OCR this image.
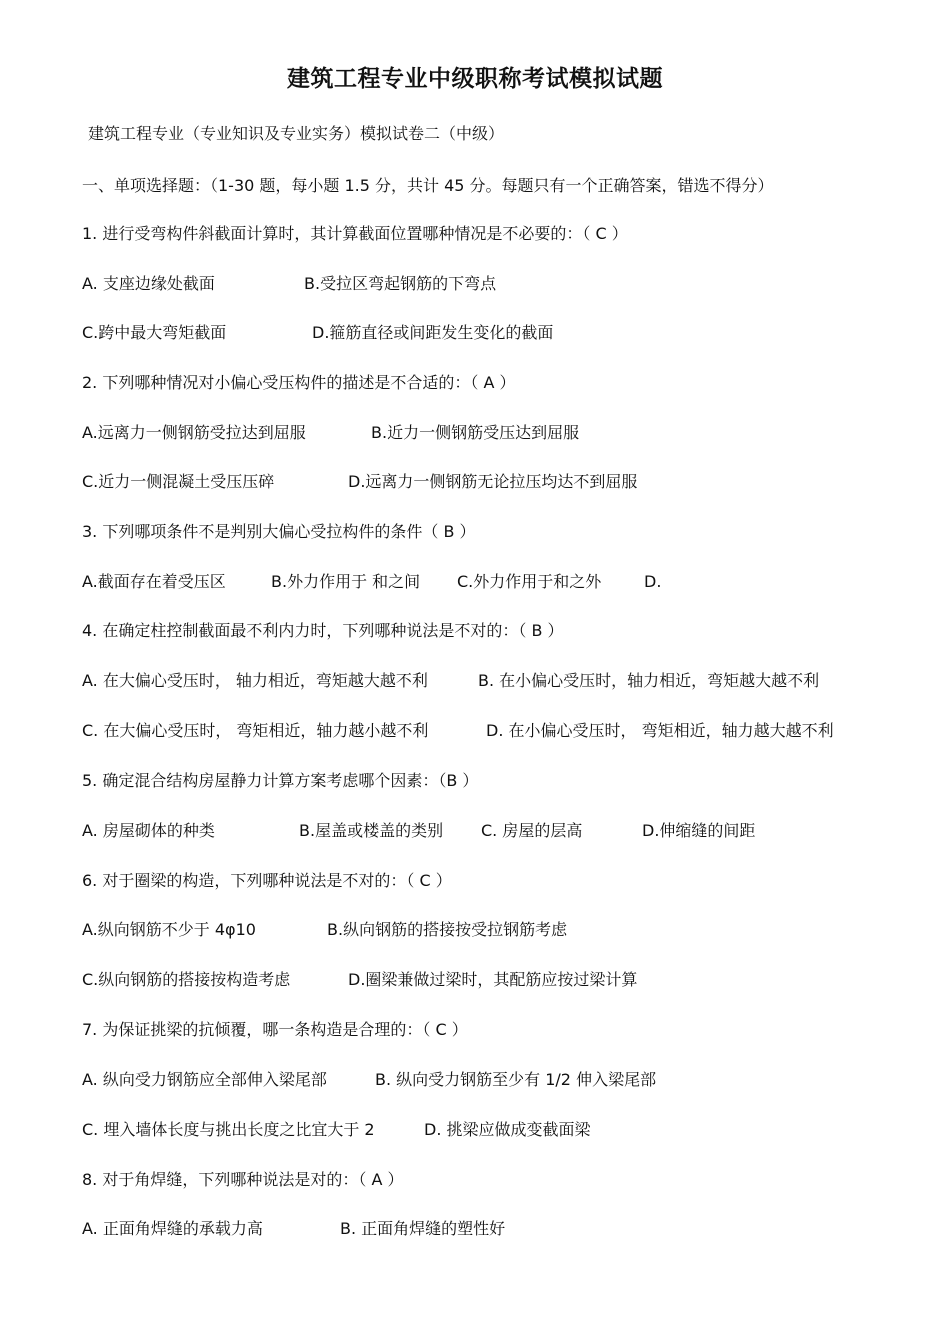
建筑工程专业中级职称考试模拟试题
建筑工程专业（专业知识及专业实务）模拟试卷二（中级）
一、单项选择题：（1-30 题，每小题 1.5 分，共计 45 分。每题只有一个正确答案，错选不得分）
1. 进行受弯构件斜截面计算时，其计算截面位置哪种情况是不必要的：（ C ）
A. 支座边缘处截面	B.受拉区弯起钢筋的下弯点
C.跨中最大弯矩截面	D.箍筋直径或间距发生变化的截面
2. 下列哪种情况对小偏心受压构件的描述是不合适的：（ A ）
A.远离力一侧钢筋受拉达到屈服	B.近力一侧钢筋受压达到屈服
C.近力一侧混凝土受压压碎	D.远离力一侧钢筋无论拉压均达不到屈服
3. 下列哪项条件不是判别大偏心受拉构件的条件（ B ）
A.截面存在着受压区	B.外力作用于 和之间 C.外力作用于和之外	D.
4. 在确定柱控制截面最不利内力时，下列哪种说法是不对的：（ B ）
A. 在大偏心受压时， 轴力相近，弯矩越大越不利	B. 在小偏心受压时，轴力相近，弯矩越大越不利
C. 在大偏心受压时， 弯矩相近，轴力越小越不利	D. 在小偏心受压时， 弯矩相近，轴力越大越不利
5. 确定混合结构房屋静力计算方案考虑哪个因素：（B ）
A. 房屋砌体的种类	B.屋盖或楼盖的类别 C. 房屋的层高	D.伸缩缝的间距
6. 对于圈梁的构造，下列哪种说法是不对的：（ C ）
A.纵向钢筋不少于 4φ10	B.纵向钢筋的搭接按受拉钢筋考虑
C.纵向钢筋的搭接按构造考虑	D.圈梁兼做过梁时，其配筋应按过梁计算
7. 为保证挑梁的抗倾覆，哪一条构造是合理的：（ C ）
A. 纵向受力钢筋应全部伸入梁尾部	B. 纵向受力钢筋至少有 1/2 伸入梁尾部
C. 埋入墙体长度与挑出长度之比宜大于 2	D. 挑梁应做成变截面梁
8. 对于角焊缝，下列哪种说法是对的：（ A ）
A. 正面角焊缝的承载力高	B. 正面角焊缝的塑性好
